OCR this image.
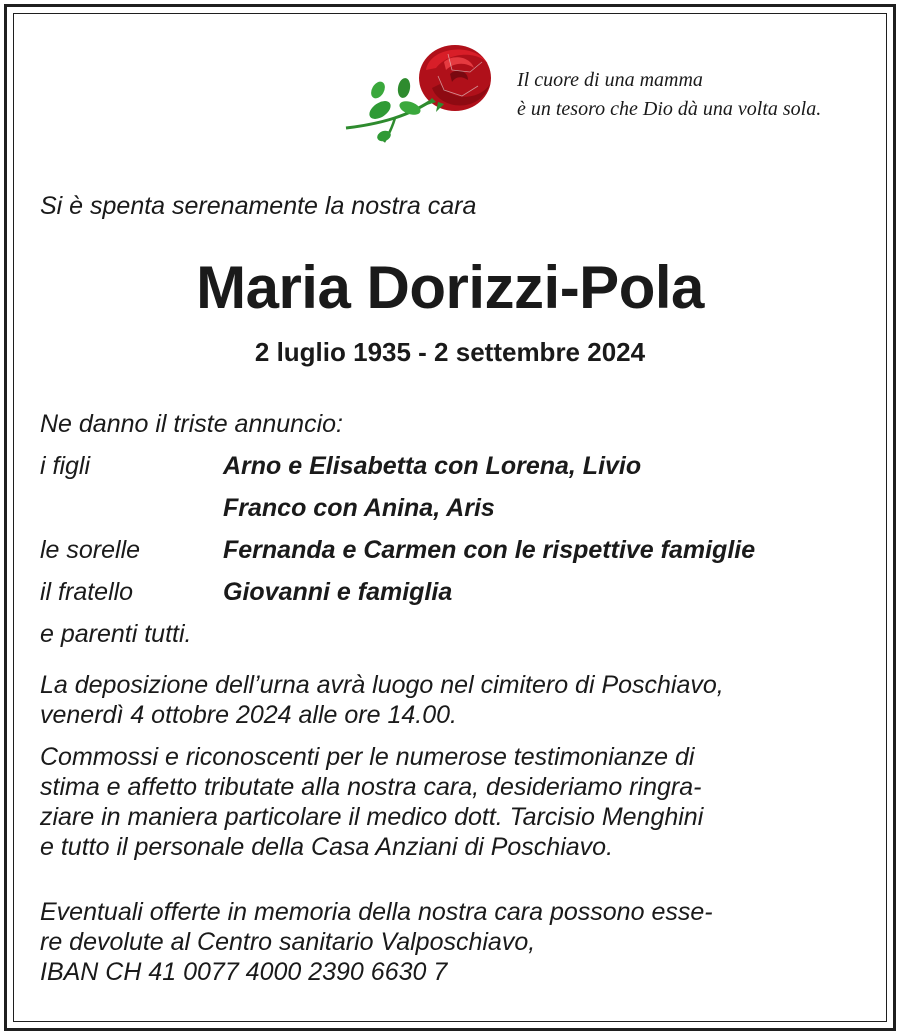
Il cuore di una mamma
è un tesoro che Dio dà una volta sola.
Si è spenta serenamente la nostra cara
Maria Dorizzi-Pola
2 luglio 1935 - 2 settembre 2024
Ne danno il triste annuncio:
i figli	Arno e Elisabetta con Lorena, Livio
Franco con Anina, Aris
le sorelle	Fernanda e Carmen con le rispettive famiglie
il fratello	Giovanni e famiglia
e parenti tutti.
La deposizione dell’urna avrà luogo nel cimitero di Poschiavo,
venerdì 4 ottobre 2024 alle ore 14.00.
Commossi e riconoscenti per le numerose testimonianze di
stima e affetto tributate alla nostra cara, desideriamo ringra-
ziare in maniera particolare il medico dott. Tarcisio Menghini
e tutto il personale della Casa Anziani di Poschiavo.
Eventuali offerte in memoria della nostra cara possono esse-
re devolute al Centro sanitario Valposchiavo,
IBAN CH 41 0077 4000 2390 6630 7
